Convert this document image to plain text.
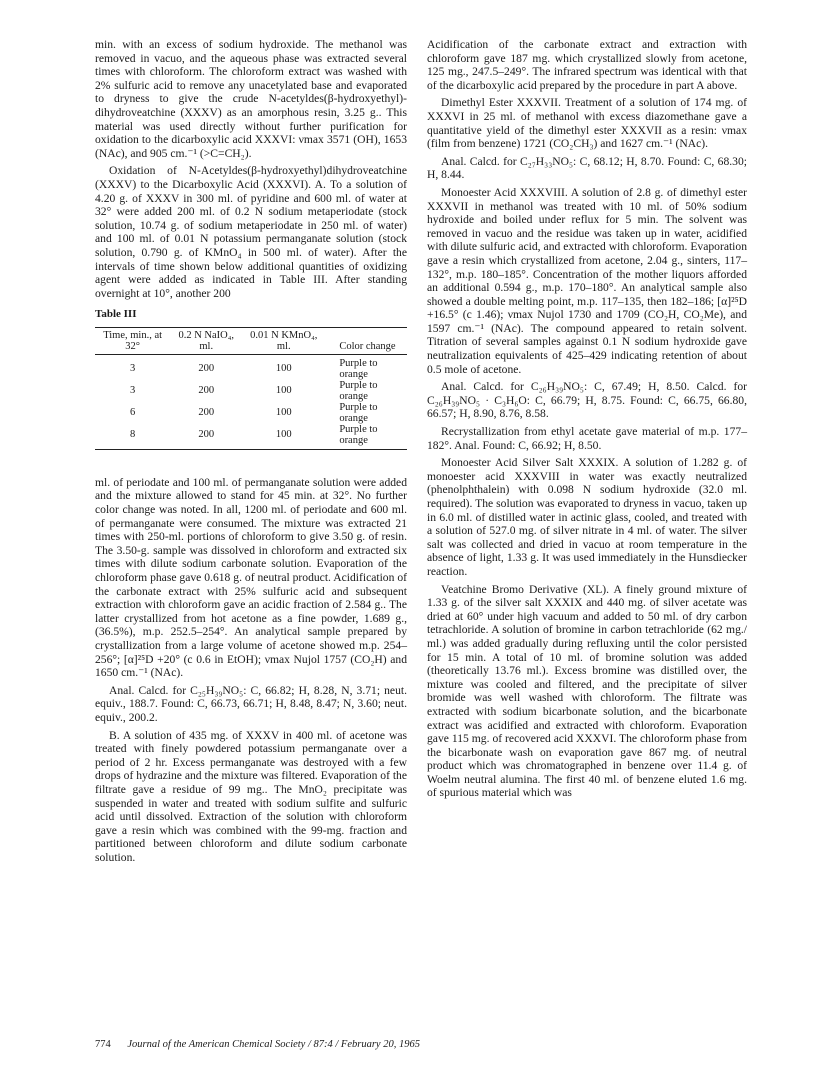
min. with an excess of sodium hydroxide. The methanol was removed in vacuo, and the aqueous phase was extracted several times with chloroform. The chloroform extract was washed with 2% sulfuric acid to remove any unacetylated base and evaporated to dryness to give the crude N-acetyldes(β-hydroxyethyl)-dihydroveatchine (XXXV) as an amorphous resin, 3.25 g.. This material was used directly without further purification for oxidation to the dicarboxylic acid XXXVI: νmax 3571 (OH), 1653 (NAc), and 905 cm.⁻¹ (>C=CH₂).

Oxidation of N-Acetyldes(β-hydroxyethyl)dihydroveatchine (XXXV) to the Dicarboxylic Acid (XXXVI). A. To a solution of 4.20 g. of XXXV in 300 ml. of pyridine and 600 ml. of water at 32° were added 200 ml. of 0.2 N sodium metaperiodate (stock solution, 10.74 g. of sodium metaperiodate in 250 ml. of water) and 100 ml. of 0.01 N potassium permanganate solution (stock solution, 0.790 g. of KMnO₄ in 500 ml. of water). After the intervals of time shown below additional quantities of oxidizing agent were added as indicated in Table III. After standing overnight at 10°, another 200

Table III
Time, min., at 32°	0.2 N NaIO₄, ml.	0.01 N KMnO₄, ml.	Color change
3	200	100	Purple to orange
3	200	100	Purple to orange
6	200	100	Purple to orange
8	200	100	Purple to orange

ml. of periodate and 100 ml. of permanganate solution were added and the mixture allowed to stand for 45 min. at 32°. No further color change was noted. In all, 1200 ml. of periodate and 600 ml. of permanganate were consumed. The mixture was extracted 21 times with 250-ml. portions of chloroform to give 3.50 g. of resin. The 3.50-g. sample was dissolved in chloroform and extracted six times with dilute sodium carbonate solution. Evaporation of the chloroform phase gave 0.618 g. of neutral product. Acidification of the carbonate extract with 25% sulfuric acid and subsequent extraction with chloroform gave an acidic fraction of 2.584 g.. The latter crystallized from hot acetone as a fine powder, 1.689 g., (36.5%), m.p. 252.5–254°. An analytical sample prepared by crystallization from a large volume of acetone showed m.p. 254–256°; [α]²⁵D +20° (c 0.6 in EtOH); νmax Nujol 1757 (CO₂H) and 1650 cm.⁻¹ (NAc).

Anal. Calcd. for C₂₅H₃₉NO₅: C, 66.82; H, 8.28, N, 3.71; neut. equiv., 188.7. Found: C, 66.73, 66.71; H, 8.48, 8.47; N, 3.60; neut. equiv., 200.2.

B. A solution of 435 mg. of XXXV in 400 ml. of acetone was treated with finely powdered potassium permanganate over a period of 2 hr. Excess permanganate was destroyed with a few drops of hydrazine and the mixture was filtered. Evaporation of the filtrate gave a residue of 99 mg.. The MnO₂ precipitate was suspended in water and treated with sodium sulfite and sulfuric acid until dissolved. Extraction of the solution with chloroform gave a resin which was combined with the 99-mg. fraction and partitioned between chloroform and dilute sodium carbonate solution.

Acidification of the carbonate extract and extraction with chloroform gave 187 mg. which crystallized slowly from acetone, 125 mg., 247.5–249°. The infrared spectrum was identical with that of the dicarboxylic acid prepared by the procedure in part A above.

Dimethyl Ester XXXVII. Treatment of a solution of 174 mg. of XXXVI in 25 ml. of methanol with excess diazomethane gave a quantitative yield of the dimethyl ester XXXVII as a resin: νmax (film from benzene) 1721 (CO₂CH₃) and 1627 cm.⁻¹ (NAc).

Anal. Calcd. for C₂₇H₃₃NO₅: C, 68.12; H, 8.70. Found: C, 68.30; H, 8.44.

Monoester Acid XXXVIII. A solution of 2.8 g. of dimethyl ester XXXVII in methanol was treated with 10 ml. of 50% sodium hydroxide and boiled under reflux for 5 min. The solvent was removed in vacuo and the residue was taken up in water, acidified with dilute sulfuric acid, and extracted with chloroform. Evaporation gave a resin which crystallized from acetone, 2.04 g., sinters, 117–132°, m.p. 180–185°. Concentration of the mother liquors afforded an additional 0.594 g., m.p. 170–180°. An analytical sample also showed a double melting point, m.p. 117–135, then 182–186; [α]²⁵D +16.5° (c 1.46); νmax Nujol 1730 and 1709 (CO₂H, CO₂Me), and 1597 cm.⁻¹ (NAc). The compound appeared to retain solvent. Titration of several samples against 0.1 N sodium hydroxide gave neutralization equivalents of 425–429 indicating retention of about 0.5 mole of acetone.

Anal. Calcd. for C₂₆H₃₉NO₅: C, 67.49; H, 8.50. Calcd. for C₂₆H₃₉NO₅ · C₃H₆O: C, 66.79; H, 8.75. Found: C, 66.75, 66.80, 66.57; H, 8.90, 8.76, 8.58.

Recrystallization from ethyl acetate gave material of m.p. 177–182°. Anal. Found: C, 66.92; H, 8.50.

Monoester Acid Silver Salt XXXIX. A solution of 1.282 g. of monoester acid XXXVIII in water was exactly neutralized (phenolphthalein) with 0.098 N sodium hydroxide (32.0 ml. required). The solution was evaporated to dryness in vacuo, taken up in 6.0 ml. of distilled water in actinic glass, cooled, and treated with a solution of 527.0 mg. of silver nitrate in 4 ml. of water. The silver salt was collected and dried in vacuo at room temperature in the absence of light, 1.33 g. It was used immediately in the Hunsdiecker reaction.

Veatchine Bromo Derivative (XL). A finely ground mixture of 1.33 g. of the silver salt XXXIX and 440 mg. of silver acetate was dried at 60° under high vacuum and added to 50 ml. of dry carbon tetrachloride. A solution of bromine in carbon tetrachloride (62 mg./ ml.) was added gradually during refluxing until the color persisted for 15 min. A total of 10 ml. of bromine solution was added (theoretically 13.76 ml.). Excess bromine was distilled over, the mixture was cooled and filtered, and the precipitate of silver bromide was well washed with chloroform. The filtrate was extracted with sodium bicarbonate solution, and the bicarbonate extract was acidified and extracted with chloroform. Evaporation gave 115 mg. of recovered acid XXXVI. The chloroform phase from the bicarbonate wash on evaporation gave 867 mg. of neutral product which was chromatographed in benzene over 11.4 g. of Woelm neutral alumina. The first 40 ml. of benzene eluted 1.6 mg. of spurious material which was

774 Journal of the American Chemical Society / 87:4 / February 20, 1965
